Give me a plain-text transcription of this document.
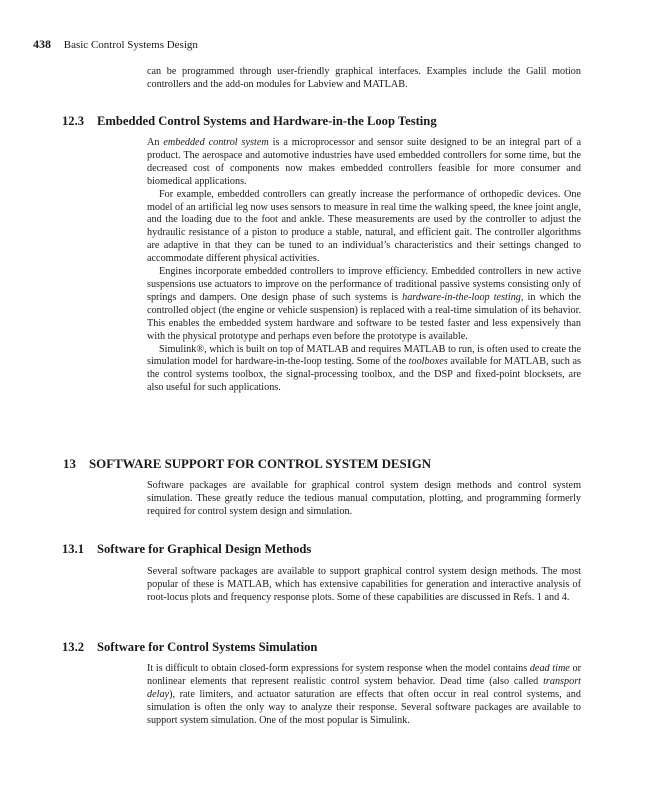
438 Basic Control Systems Design

can be programmed through user-friendly graphical interfaces. Examples include the Galil motion controllers and the add-on modules for Labview and MATLAB.

12.3 Embedded Control Systems and Hardware-in-the Loop Testing

An embedded control system is a microprocessor and sensor suite designed to be an integral part of a product. The aerospace and automotive industries have used embedded controllers for some time, but the decreased cost of components now makes embedded controllers feasible for more consumer and biomedical applications.

For example, embedded controllers can greatly increase the performance of orthopedic devices. One model of an artificial leg now uses sensors to measure in real time the walking speed, the knee joint angle, and the loading due to the foot and ankle. These measurements are used by the controller to adjust the hydraulic resistance of a piston to produce a stable, natural, and efficient gait. The controller algorithms are adaptive in that they can be tuned to an individual’s characteristics and their settings changed to accommodate different physical activities.

Engines incorporate embedded controllers to improve efficiency. Embedded controllers in new active suspensions use actuators to improve on the performance of traditional passive systems consisting only of springs and dampers. One design phase of such systems is hardware-in-the-loop testing, in which the controlled object (the engine or vehicle suspension) is replaced with a real-time simulation of its behavior. This enables the embedded system hardware and software to be tested faster and less expensively than with the physical prototype and perhaps even before the prototype is available.

Simulink®, which is built on top of MATLAB and requires MATLAB to run, is often used to create the simulation model for hardware-in-the-loop testing. Some of the toolboxes available for MATLAB, such as the control systems toolbox, the signal-processing toolbox, and the DSP and fixed-point blocksets, are also useful for such applications.

13 SOFTWARE SUPPORT FOR CONTROL SYSTEM DESIGN

Software packages are available for graphical control system design methods and control system simulation. These greatly reduce the tedious manual computation, plotting, and programming formerly required for control system design and simulation.

13.1 Software for Graphical Design Methods

Several software packages are available to support graphical control system design methods. The most popular of these is MATLAB, which has extensive capabilities for generation and interactive analysis of root-locus plots and frequency response plots. Some of these capabilities are discussed in Refs. 1 and 4.

13.2 Software for Control Systems Simulation

It is difficult to obtain closed-form expressions for system response when the model contains dead time or nonlinear elements that represent realistic control system behavior. Dead time (also called transport delay), rate limiters, and actuator saturation are effects that often occur in real control systems, and simulation is often the only way to analyze their response. Several software packages are available to support system simulation. One of the most popular is Simulink.
